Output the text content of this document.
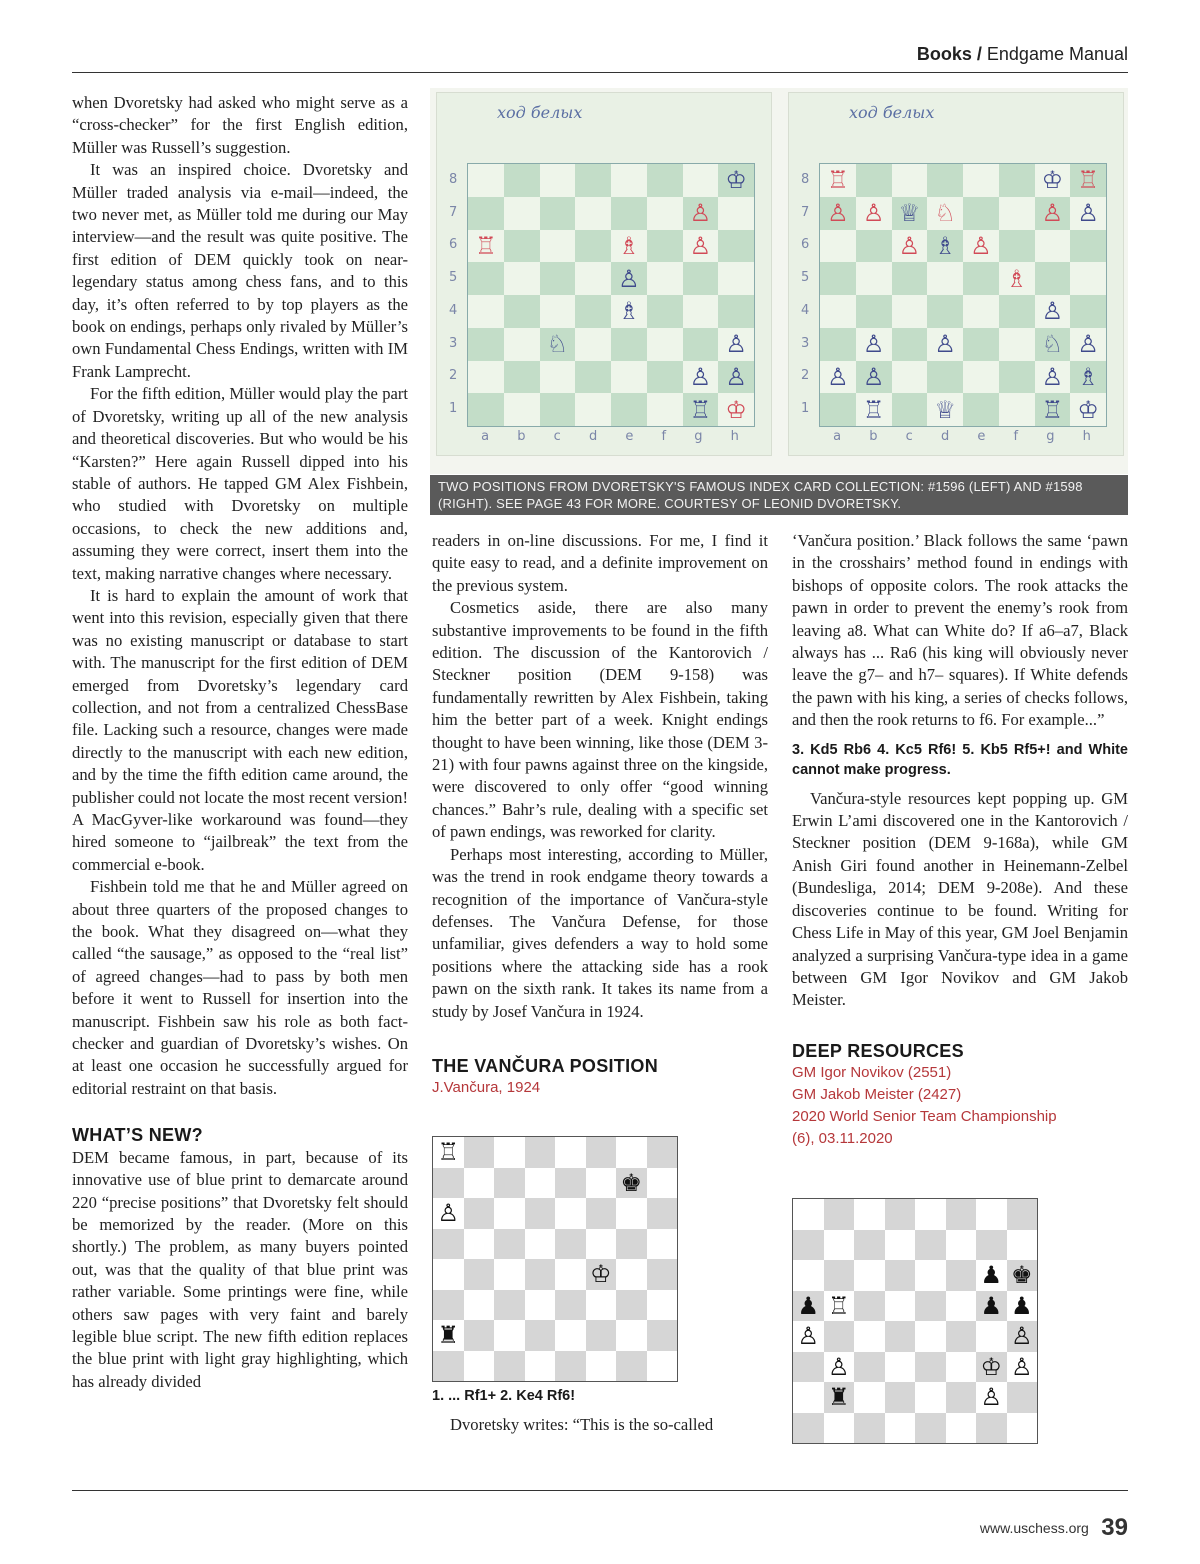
Books / Endgame Manual

when Dvoretsky had asked who might serve as a “cross-checker” for the first English edition, Müller was Russell’s suggestion.

It was an inspired choice. Dvoretsky and Müller traded analysis via e-mail—indeed, the two never met, as Müller told me during our May interview—and the result was quite positive. The first edition of DEM quickly took on near-legendary status among chess fans, and to this day, it’s often referred to by top players as the book on endings, perhaps only rivaled by Müller’s own Fundamental Chess Endings, written with IM Frank Lamprecht.

For the fifth edition, Müller would play the part of Dvoretsky, writing up all of the new analysis and theoretical discoveries. But who would be his “Karsten?” Here again Russell dipped into his stable of authors. He tapped GM Alex Fishbein, who studied with Dvoretsky on multiple occasions, to check the new additions and, assuming they were correct, insert them into the text, making narrative changes where necessary.

It is hard to explain the amount of work that went into this revision, especially given that there was no existing manuscript or database to start with. The manuscript for the first edition of DEM emerged from Dvoretsky’s legendary card collection, and not from a centralized ChessBase file. Lacking such a resource, changes were made directly to the manuscript with each new edition, and by the time the fifth edition came around, the publisher could not locate the most recent version! A MacGyver-like workaround was found—they hired someone to “jailbreak” the text from the commercial e-book.

Fishbein told me that he and Müller agreed on about three quarters of the proposed changes to the book. What they disagreed on—what they called “the sausage,” as opposed to the “real list” of agreed changes—had to pass by both men before it went to Russell for insertion into the manuscript. Fishbein saw his role as both fact-checker and guardian of Dvoretsky’s wishes. On at least one occasion he successfully argued for editorial restraint on that basis.

WHAT’S NEW?

DEM became famous, in part, because of its innovative use of blue print to demarcate around 220 “precise positions” that Dvoretsky felt should be memorized by the reader. (More on this shortly.) The problem, as many buyers pointed out, was that the quality of that blue print was rather variable. Some printings were fine, while others saw pages with very faint and barely legible blue script. The new fifth edition replaces the blue print with light gray highlighting, which has already divided

ход белых
8
7
6
5
4
3
2
1
♔
♙
♖	♗ ♙
♙
♗
♘	♙
♙ ♙
♖ ♔
a b c d e f g h
ход белых
8
7
6
5
4
3
2
1
♖	♔ ♖
♙ ♙ ♕ ♘	♙ ♙
♙ ♗ ♙
♗
♙
♙ ♙	♘ ♙
♙ ♙	♙ ♗
♖ ♕	♖ ♔
a b c d e f g h
TWO POSITIONS FROM DVORETSKY'S FAMOUS INDEX CARD COLLECTION: #1596 (LEFT) AND #1598 (RIGHT). SEE PAGE 43 FOR MORE. COURTESY OF LEONID DVORETSKY.

readers in on-line discussions. For me, I find it quite easy to read, and a definite improvement on the previous system.

Cosmetics aside, there are also many substantive improvements to be found in the fifth edition. The discussion of the Kantorovich / Steckner position (DEM 9-158) was fundamentally rewritten by Alex Fishbein, taking him the better part of a week. Knight endings thought to have been winning, like those (DEM 3-21) with four pawns against three on the kingside, were discovered to only offer “good winning chances.” Bahr’s rule, dealing with a specific set of pawn endings, was reworked for clarity.

Perhaps most interesting, according to Müller, was the trend in rook endgame theory towards a recognition of the importance of Vančura-style defenses. The Vančura Defense, for those unfamiliar, gives defenders a way to hold some positions where the attacking side has a rook pawn on the sixth rank. It takes its name from a study by Josef Vančura in 1924.

THE VANČURA POSITION
J.Vančura, 1924
1. ... Rf1+ 2. Ke4 Rf6!

Dvoretsky writes: “This is the so-called

♖
♚
♙
♔
♜

‘Vančura position.’ Black follows the same ‘pawn in the crosshairs’ method found in endings with bishops of opposite colors. The rook attacks the pawn in order to prevent the enemy’s rook from leaving a8. What can White do? If a6–a7, Black always has ... Ra6 (his king will obviously never leave the g7– and h7– squares). If White defends the pawn with his king, a series of checks follows, and then the rook returns to f6. For example...”

3. Kd5 Rb6 4. Kc5 Rf6! 5. Kb5 Rf5+! and White cannot make progress.

Vančura-style resources kept popping up. GM Erwin L’ami discovered one in the Kantorovich / Steckner position (DEM 9-168a), while GM Anish Giri found another in Heinemann-Zelbel (Bundesliga, 2014; DEM 9-208e). And these discoveries continue to be found. Writing for Chess Life in May of this year, GM Joel Benjamin analyzed a surprising Vančura-type idea in a game between GM Igor Novikov and GM Jakob Meister.

DEEP RESOURCES
GM Igor Novikov (2551)
GM Jakob Meister (2427)
2020 World Senior Team Championship
(6), 03.11.2020
♟ ♚
♟ ♖	♟ ♟
♙	♙
♙	♔ ♙
♜	♙
www.uschess.org 39
